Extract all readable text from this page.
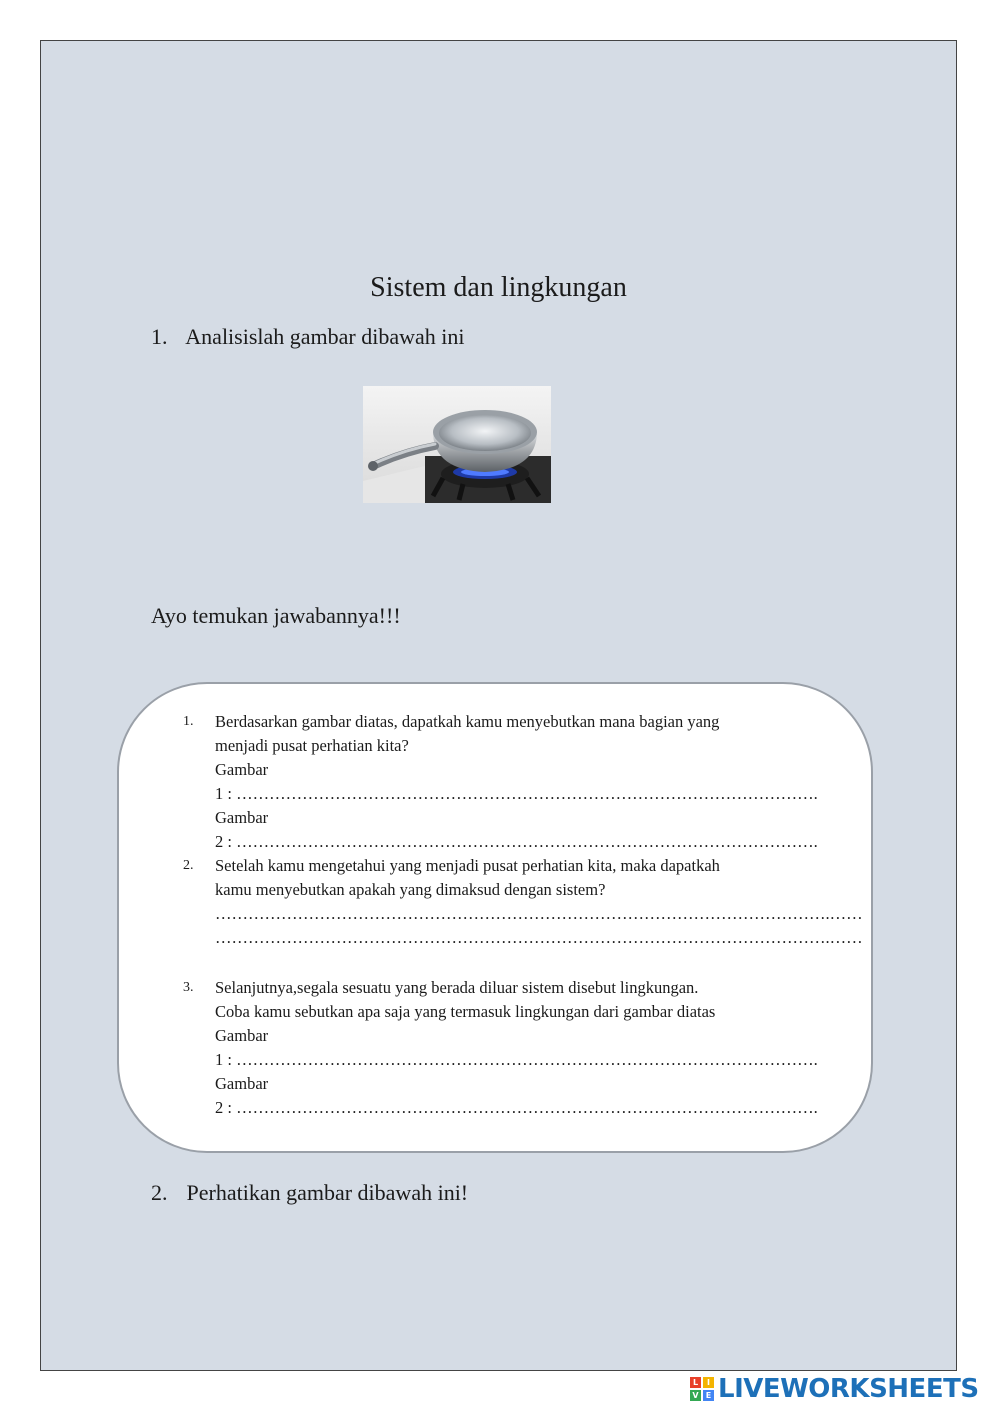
Sistem dan lingkungan
1. Analisislah gambar dibawah ini
Ayo temukan jawabannya!!!
1. Berdasarkan gambar diatas, dapatkah kamu menyebutkan mana bagian yang
menjadi pusat perhatian kita?
Gambar
1 : …………………………………………………………………………………………….
Gambar
2 : …………………………………………………………………………………………….
2. Setelah kamu mengetahui yang menjadi pusat perhatian kita, maka dapatkah
kamu menyebutkan apakah yang dimaksud dengan sistem?
………………………………………………………………………………………………….……
………………………………………………………………………………………………….……
3. Selanjutnya,segala sesuatu yang berada diluar sistem disebut lingkungan.
Coba kamu sebutkan apa saja yang termasuk lingkungan dari gambar diatas
Gambar
1 : …………………………………………………………………………………………….
Gambar
2 : …………………………………………………………………………………………….
2. Perhatikan gambar dibawah ini!
L	I
V E LIVEWORKSHEETS
